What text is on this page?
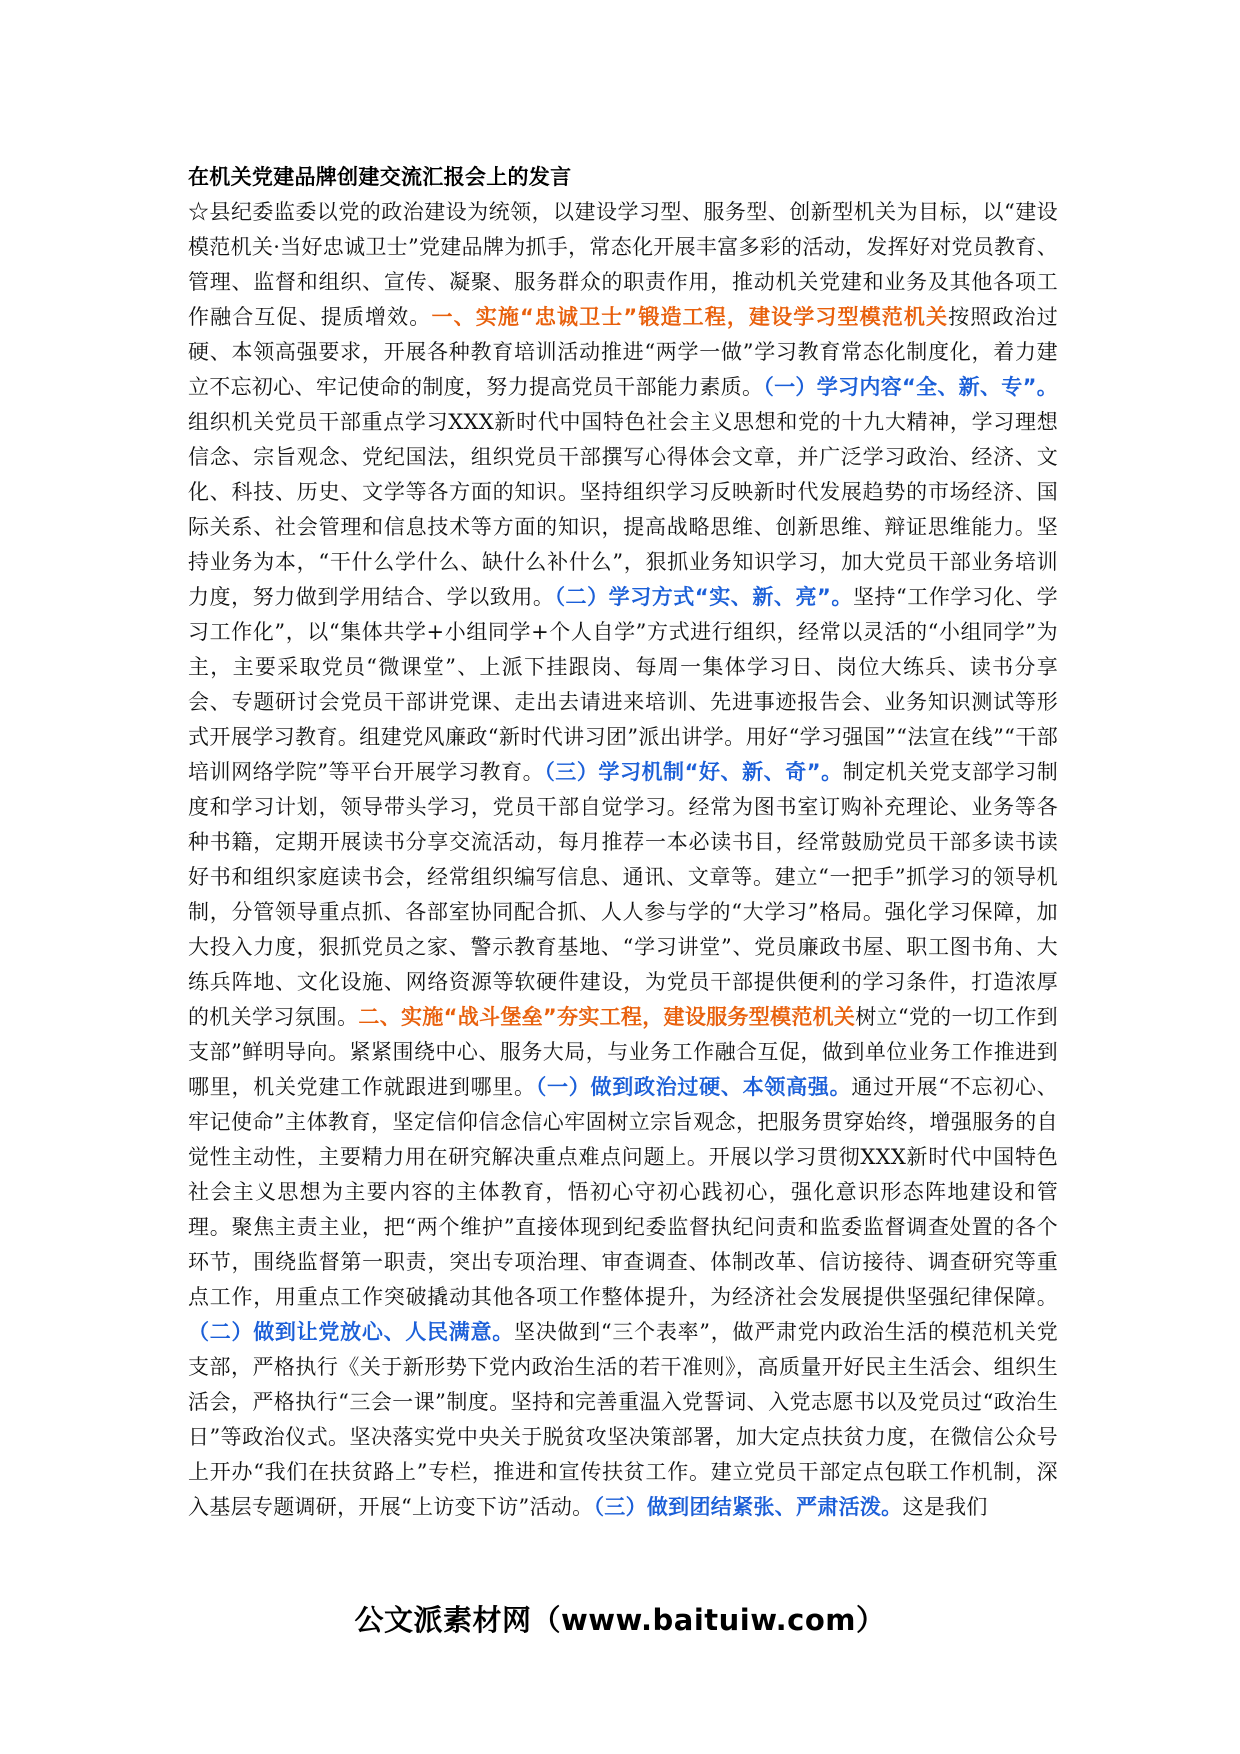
在机关党建品牌创建交流汇报会上的发言

☆县纪委监委以党的政治建设为统领，以建设学习型、服务型、创新型机关为目标，以“建设模范机关·当好忠诚卫士”党建品牌为抓手，常态化开展丰富多彩的活动，发挥好对党员教育、管理、监督和组织、宣传、凝聚、服务群众的职责作用，推动机关党建和业务及其他各项工作融合互促、提质增效。一、实施“忠诚卫士”锻造工程，建设学习型模范机关按照政治过硬、本领高强要求，开展各种教育培训活动推进“两学一做”学习教育常态化制度化，着力建立不忘初心、牢记使命的制度，努力提高党员干部能力素质。（一）学习内容“全、新、专”。组织机关党员干部重点学习XXX新时代中国特色社会主义思想和党的十九大精神，学习理想信念、宗旨观念、党纪国法，组织党员干部撰写心得体会文章，并广泛学习政治、经济、文化、科技、历史、文学等各方面的知识。坚持组织学习反映新时代发展趋势的市场经济、国际关系、社会管理和信息技术等方面的知识，提高战略思维、创新思维、辩证思维能力。坚持业务为本，“干什么学什么、缺什么补什么”，狠抓业务知识学习，加大党员干部业务培训力度，努力做到学用结合、学以致用。（二）学习方式“实、新、亮”。坚持“工作学习化、学习工作化”，以“集体共学+小组同学+个人自学”方式进行组织，经常以灵活的“小组同学”为主，主要采取党员“微课堂”、上派下挂跟岗、每周一集体学习日、岗位大练兵、读书分享会、专题研讨会党员干部讲党课、走出去请进来培训、先进事迹报告会、业务知识测试等形式开展学习教育。组建党风廉政“新时代讲习团”派出讲学。用好“学习强国”“法宣在线”“干部培训网络学院”等平台开展学习教育。（三）学习机制“好、新、奇”。制定机关党支部学习制度和学习计划，领导带头学习，党员干部自觉学习。经常为图书室订购补充理论、业务等各种书籍，定期开展读书分享交流活动，每月推荐一本必读书目，经常鼓励党员干部多读书读好书和组织家庭读书会，经常组织编写信息、通讯、文章等。建立“一把手”抓学习的领导机制，分管领导重点抓、各部室协同配合抓、人人参与学的“大学习”格局。强化学习保障，加大投入力度，狠抓党员之家、警示教育基地、“学习讲堂”、党员廉政书屋、职工图书角、大练兵阵地、文化设施、网络资源等软硬件建设，为党员干部提供便利的学习条件，打造浓厚的机关学习氛围。二、实施“战斗堡垒”夯实工程，建设服务型模范机关树立“党的一切工作到支部”鲜明导向。紧紧围绕中心、服务大局，与业务工作融合互促，做到单位业务工作推进到哪里，机关党建工作就跟进到哪里。（一）做到政治过硬、本领高强。通过开展“不忘初心、牢记使命”主体教育，坚定信仰信念信心牢固树立宗旨观念，把服务贯穿始终，增强服务的自觉性主动性，主要精力用在研究解决重点难点问题上。开展以学习贯彻XXX新时代中国特色社会主义思想为主要内容的主体教育，悟初心守初心践初心，强化意识形态阵地建设和管理。聚焦主责主业，把“两个维护”直接体现到纪委监督执纪问责和监委监督调查处置的各个环节，围绕监督第一职责，突出专项治理、审查调查、体制改革、信访接待、调查研究等重点工作，用重点工作突破撬动其他各项工作整体提升，为经济社会发展提供坚强纪律保障。（二）做到让党放心、人民满意。坚决做到“三个表率”，做严肃党内政治生活的模范机关党支部，严格执行《关于新形势下党内政治生活的若干准则》，高质量开好民主生活会、组织生活会，严格执行“三会一课”制度。坚持和完善重温入党誓词、入党志愿书以及党员过“政治生日”等政治仪式。坚决落实党中央关于脱贫攻坚决策部署，加大定点扶贫力度，在微信公众号上开办“我们在扶贫路上”专栏，推进和宣传扶贫工作。建立党员干部定点包联工作机制，深入基层专题调研，开展“上访变下访”活动。（三）做到团结紧张、严肃活泼。这是我们

公文派素材网（www.baituiw.com）
